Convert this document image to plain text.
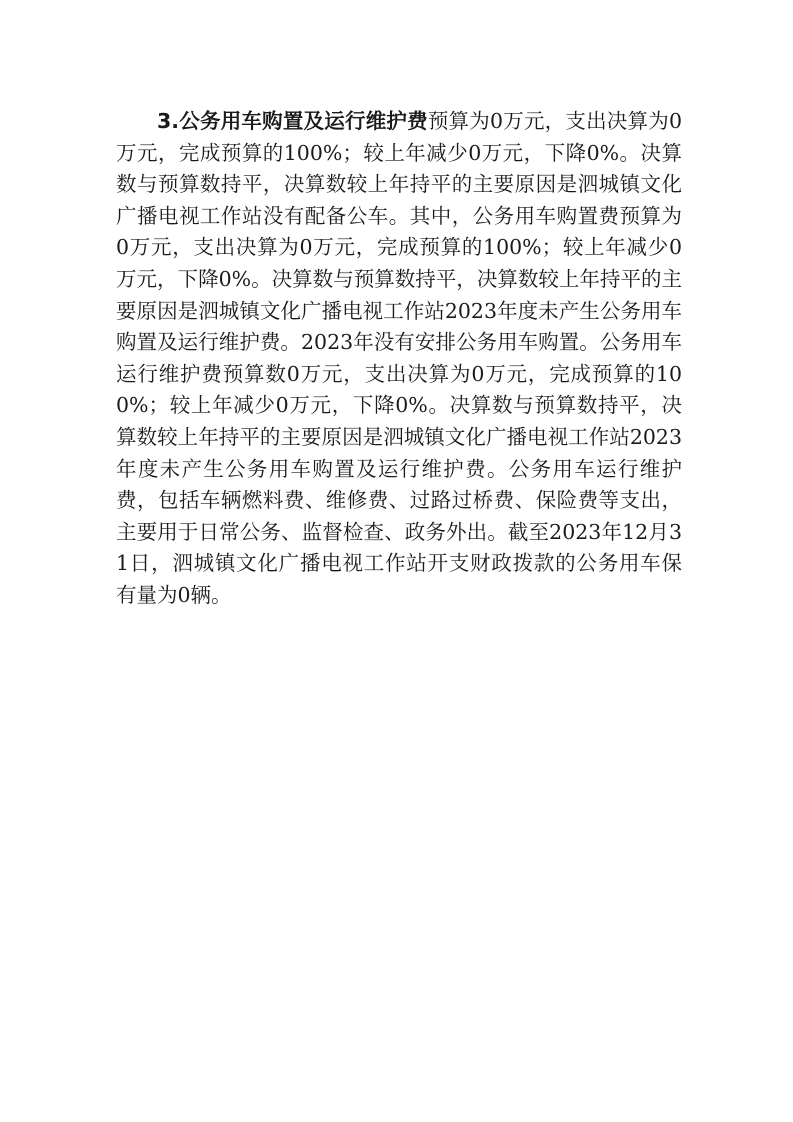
3.公务用车购置及运行维护费预算为0万元，支出决算为0万元，完成预算的100%；较上年减少0万元，下降0%。决算数与预算数持平，决算数较上年持平的主要原因是泗城镇文化广播电视工作站没有配备公车。其中，公务用车购置费预算为0万元，支出决算为0万元，完成预算的100%；较上年减少0万元，下降0%。决算数与预算数持平，决算数较上年持平的主要原因是泗城镇文化广播电视工作站2023年度未产生公务用车购置及运行维护费。2023年没有安排公务用车购置。公务用车运行维护费预算数0万元，支出决算为0万元，完成预算的100%；较上年减少0万元，下降0%。决算数与预算数持平，决算数较上年持平的主要原因是泗城镇文化广播电视工作站2023年度未产生公务用车购置及运行维护费。公务用车运行维护费，包括车辆燃料费、维修费、过路过桥费、保险费等支出，主要用于日常公务、监督检查、政务外出。截至2023年12月31日，泗城镇文化广播电视工作站开支财政拨款的公务用车保有量为0辆。
